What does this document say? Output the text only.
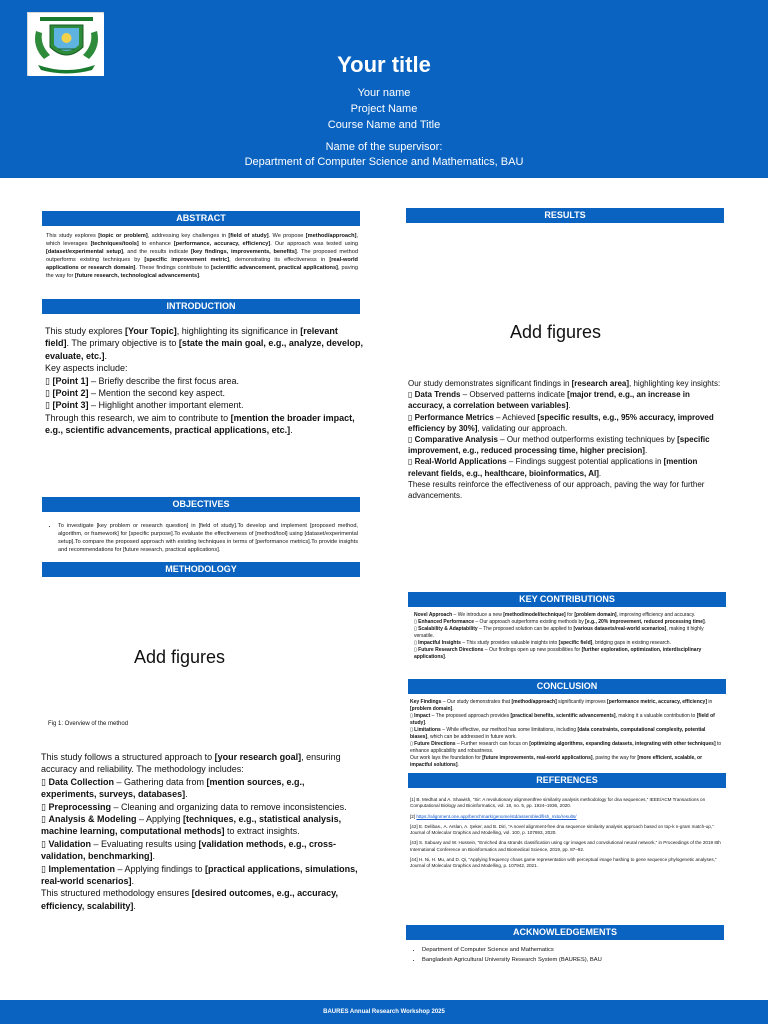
Your title
Your name
Project Name
Course Name and Title
Name of the supervisor:
Department of Computer Science and Mathematics, BAU
ABSTRACT
This study explores [topic or problem], addressing key challenges in [field of study]. We propose [method/approach], which leverages [techniques/tools] to enhance [performance, accuracy, efficiency]. Our approach was tested using [dataset/experimental setup], and the results indicate [key findings, improvements, benefits]. The proposed method outperforms existing techniques by [specific improvement metric], demonstrating its effectiveness in [real-world applications or research domain]. These findings contribute to [scientific advancement, practical applications], paving the way for [future research, technological advancements].
INTRODUCTION
This study explores [Your Topic], highlighting its significance in [relevant field]. The primary objective is to [state the main goal, e.g., analyze, develop, evaluate, etc.].
Key aspects include:
▯ [Point 1] – Briefly describe the first focus area.
▯ [Point 2] – Mention the second key aspect.
▯ [Point 3] – Highlight another important element.
Through this research, we aim to contribute to [mention the broader impact, e.g., scientific advancements, practical applications, etc.].
OBJECTIVES
• To investigate [key problem or research question] in [field of study].To develop and implement [proposed method, algorithm, or framework] for [specific purpose].To evaluate the effectiveness of [method/tool] using [dataset/experimental setup].To compare the proposed approach with existing techniques in terms of [performance metrics].To provide insights and recommendations for [future research, practical applications].
METHODOLOGY
Add figures
Fig 1: Overview of the method
This study follows a structured approach to [your research goal], ensuring accuracy and reliability. The methodology includes:
▯ Data Collection – Gathering data from [mention sources, e.g., experiments, surveys, databases].
▯ Preprocessing – Cleaning and organizing data to remove inconsistencies.
▯ Analysis & Modeling – Applying [techniques, e.g., statistical analysis, machine learning, computational methods] to extract insights.
▯ Validation – Evaluating results using [validation methods, e.g., cross-validation, benchmarking].
▯ Implementation – Applying findings to [practical applications, simulations, real-world scenarios].
This structured methodology ensures [desired outcomes, e.g., accuracy, efficiency, scalability].
RESULTS
Add figures
Our study demonstrates significant findings in [research area], highlighting key insights:
▯ Data Trends – Observed patterns indicate [major trend, e.g., an increase in accuracy, a correlation between variables].
▯ Performance Metrics – Achieved [specific results, e.g., 95% accuracy, improved efficiency by 30%], validating our approach.
▯ Comparative Analysis – Our method outperforms existing techniques by [specific improvement, e.g., reduced processing time, higher precision].
▯ Real-World Applications – Findings suggest potential applications in [mention relevant fields, e.g., healthcare, bioinformatics, AI].
These results reinforce the effectiveness of our approach, paving the way for further advancements.
KEY CONTRIBUTIONS
Novel Approach – We introduce a new [method/model/technique] for [problem domain], improving efficiency and accuracy.
▯ Enhanced Performance – Our approach outperforms existing methods by [e.g., 20% improvement, reduced processing time].
▯ Scalability & Adaptability – The proposed solution can be applied to [various datasets/real-world scenarios], making it highly versatile.
▯ Impactful Insights – This study provides valuable insights into [specific field], bridging gaps in existing research.
▯ Future Research Directions – Our findings open up new possibilities for [further exploration, optimization, interdisciplinary applications].
CONCLUSION
Key Findings – Our study demonstrates that [method/approach] significantly improves [performance metric, accuracy, efficiency] in [problem domain].
▯ Impact – The proposed approach provides [practical benefits, scientific advancements], making it a valuable contribution to [field of study].
▯ Limitations – While effective, our method has some limitations, including [data constraints, computational complexity, potential biases], which can be addressed in future work.
▯ Future Directions – Further research can focus on [optimizing algorithms, expanding datasets, integrating with other techniques] to enhance applicability and robustness.
Our work lays the foundation for [future improvements, real-world applications], paving the way for [more efficient, scalable, or impactful solutions].
REFERENCES
[1] B. Medhat and A. Shawish, “Sir: A revolutionary alignmentfree similarity analysis methodology for dna sequences,” IEEE/ACM Transactions on Computational Biology and Bioinformatics, vol. 18, no. 5, pp. 1924–1936, 2020.
[2] https://alignment.one.app/benchmark/genome/std/assembled/fish_mito/results/
[42] E. Delibas., A. Arslan, A. Şeker, and B. Diri, “A novel alignment-free dna sequence similarity analysis approach based on top-k n-gram match-up,” Journal of Molecular Graphics and Modelling, vol. 100, p. 107693, 2020.
[43] S. Sabuary and W. Hussein, “Enriched dna strands classification using cgr images and convolutional neural network,” in Proceedings of the 2019 8th International Conference on Bioinformatics and Biomedical Science, 2019, pp. 87–92.
[44] H. Ni, H. Mu, and D. Qi, “Applying frequency chaos game representation with perceptual image hashing to gene sequence phylogenetic analyses,” Journal of Molecular Graphics and Modelling, p. 107942, 2021.
ACKNOWLEDGEMENTS
• Department of Computer Science and Mathematics
• Bangladesh Agricultural University Research System (BAURES), BAU
BAURES Annual Research Workshop 2025
